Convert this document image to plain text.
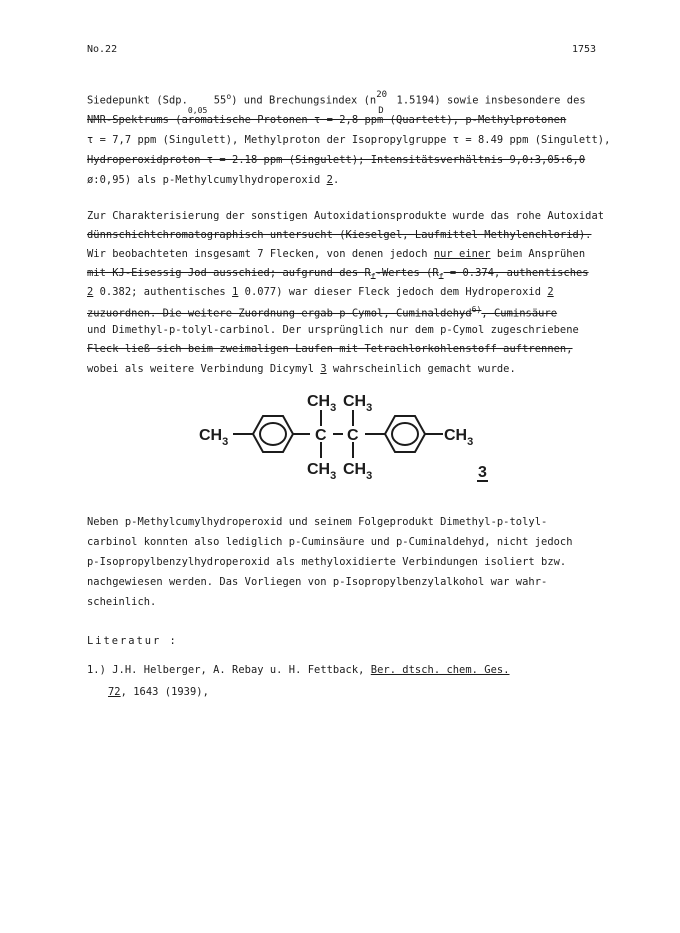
No.22	1753
Siedepunkt ($Sdp._{0,05}$ 55$^o$) und Brechungsindex (n 20
D
1.5194) sowie insbesondere des
NMR-Spektrums (aromatische Protonen τ = 2,8 ppm (Quartett), p-Methylprotonen
τ = 7,7 ppm (Singulett), Methylproton der Isopropylgruppe τ = 8.49 ppm (Singulett),
Hydroperoxidproton τ = 2.18 ppm (Singulett); Intensitätsverhältnis 9,0:3,05:6,0
ø:0,95) als p-Methylcumylhydroperoxid 2.
Zur Charakterisierung der sonstigen Autoxidationsprodukte wurde das rohe Autoxidat
dünnschichtchromatographisch untersucht (Kieselgel, Laufmittel Methylenchlorid).
Wir beobachteten insgesamt 7 Flecken, von denen jedoch nur einer beim Ansprühen
mit KJ-Eisessig Jod ausschied; aufgrund des $R_f$-Wertes ($R_f = 0.374$, authentisches
2 0.382; authentisches 1 0.077) war dieser Fleck jedoch dem Hydroperoxid 2
zuzuordnen. Die weitere Zuordnung ergab p-Cymol, Cuminaldehyd$^{6)}$, Cuminsäure
und Dimethyl-p-tolyl-carbinol. Der ursprünglich nur dem p-Cymol zugeschriebene
Fleck ließ sich beim zweimaligen Laufen mit Tetrachlorkohlenstoff auftrennen,
wobei als weitere Verbindung Dicymyl 3 wahrscheinlich gemacht wurde.
$CH_3$	$CH_3$
$CH_3$ $CH_3$
$CH_3$ $CH_3$
C C
3
Neben p-Methylcumylhydroperoxid und seinem Folgeprodukt Dimethyl-p-tolyl-
carbinol konnten also lediglich p-Cuminsäure und p-Cuminaldehyd, nicht jedoch
p-Isopropylbenzylhydroperoxid als methyloxidierte Verbindungen isoliert bzw.
nachgewiesen werden. Das Vorliegen von p-Isopropylbenzylalkohol war wahr-
scheinlich.
Literatur :
1.) J.H. Helberger, A. Rebay u. H. Fettback, Ber. dtsch. chem. Ges.
72, 1643 (1939),
